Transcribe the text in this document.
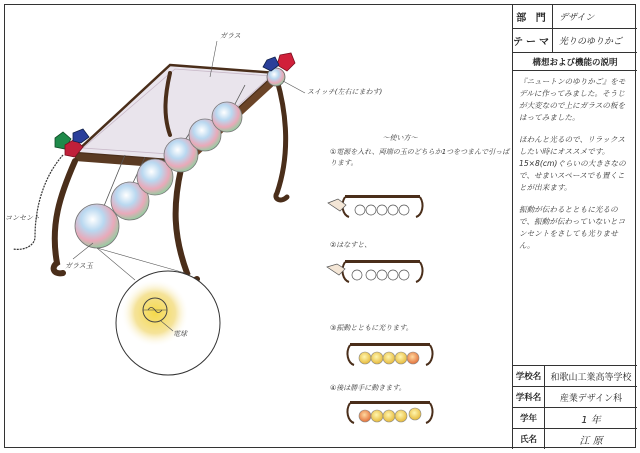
ガラス
スイッチ(左右にまわす)
コンセント
ガラス玉
電球
〜使い方〜
①電源を入れ、両端の玉のどちらか1つをつまんで引っぱります。
②はなすと、
③振動とともに光ります。
④後は勝手に動きます。
部 門	デザイン
テーマ 光りのゆりかご
構想および機能の説明

『ニュートンのゆりかご』をモデルに作ってみました。そうじが大変なので上にガラスの板をはってみました。

ほわんと光るので、リラックスしたい時にオススメです。15×8(cm)ぐらいの大きさなので、せまいスペースでも置くことが出来ます。

振動が伝わるとともに光るので、振動が伝わっていないとコンセントをさしても光りません。

学校名	和歌山工業高等学校
学科名	産業デザイン科
学年	1 年
氏名	江 原
